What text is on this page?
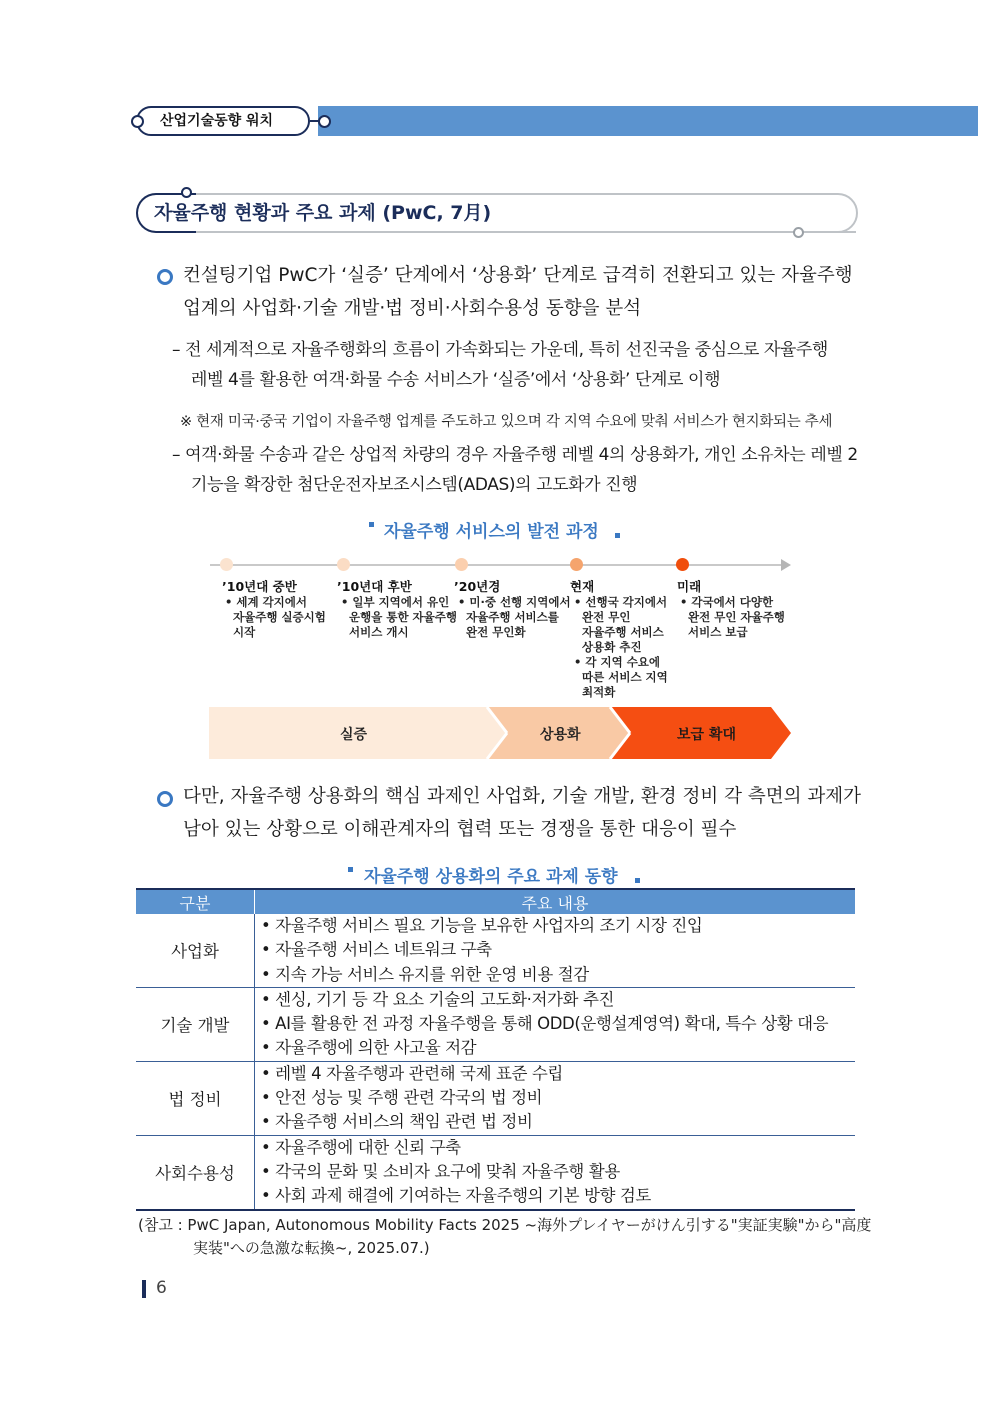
산업기술동향 워치
자율주행 현황과 주요 과제 (PwC, 7月)
컨설팅기업 PwC가 ‘실증’ 단계에서 ‘상용화’ 단계로 급격히 전환되고 있는 자율주행
업계의 사업화·기술 개발·법 정비·사회수용성 동향을 분석
– 전 세계적으로 자율주행화의 흐름이 가속화되는 가운데, 특히 선진국을 중심으로 자율주행
레벨 4를 활용한 여객·화물 수송 서비스가 ‘실증’에서 ‘상용화’ 단계로 이행
※ 현재 미국·중국 기업이 자율주행 업계를 주도하고 있으며 각 지역 수요에 맞춰 서비스가 현지화되는 추세
– 여객·화물 수송과 같은 상업적 차량의 경우 자율주행 레벨 4의 상용화가, 개인 소유차는 레벨 2
기능을 확장한 첨단운전자보조시스템(ADAS)의 고도화가 진행
자율주행 서비스의 발전 과정
’10년대 중반
• 세계 각지에서
자율주행 실증시험
시작
’10년대 후반
• 일부 지역에서 유인
운행을 통한 자율주행
서비스 개시
’20년경
• 미·중 선행 지역에서
자율주행 서비스를
완전 무인화
현재
• 선행국 각지에서
완전 무인
자율주행 서비스
상용화 추진
• 각 지역 수요에
따른 서비스 지역
최적화
미래
• 각국에서 다양한
완전 무인 자율주행
서비스 보급
실증	상용화	보급 확대
다만, 자율주행 상용화의 핵심 과제인 사업화, 기술 개발, 환경 정비 각 측면의 과제가
남아 있는 상황으로 이해관계자의 협력 또는 경쟁을 통한 대응이 필수
자율주행 상용화의 주요 과제 동향
구분	주요 내용
사업화	• 자율주행 서비스 필요 기능을 보유한 사업자의 조기 시장 진입
• 자율주행 서비스 네트워크 구축
• 지속 가능 서비스 유지를 위한 운영 비용 절감

기술 개발	• 센싱, 기기 등 각 요소 기술의 고도화·저가화 추진
• AI를 활용한 전 과정 자율주행을 통해 ODD(운행설계영역) 확대, 특수 상황 대응
• 자율주행에 의한 사고율 저감

법 정비	• 레벨 4 자율주행과 관련해 국제 표준 수립
• 안전 성능 및 주행 관련 각국의 법 정비
• 자율주행 서비스의 책임 관련 법 정비

사회수용성	• 자율주행에 대한 신뢰 구축
• 각국의 문화 및 소비자 요구에 맞춰 자율주행 활용
• 사회 과제 해결에 기여하는 자율주행의 기본 방향 검토
(참고 : PwC Japan, Autonomous Mobility Facts 2025 ~海外プレイヤーがけん引する"実証実験"から"高度
実装"への急激な転換~, 2025.07.)
6
